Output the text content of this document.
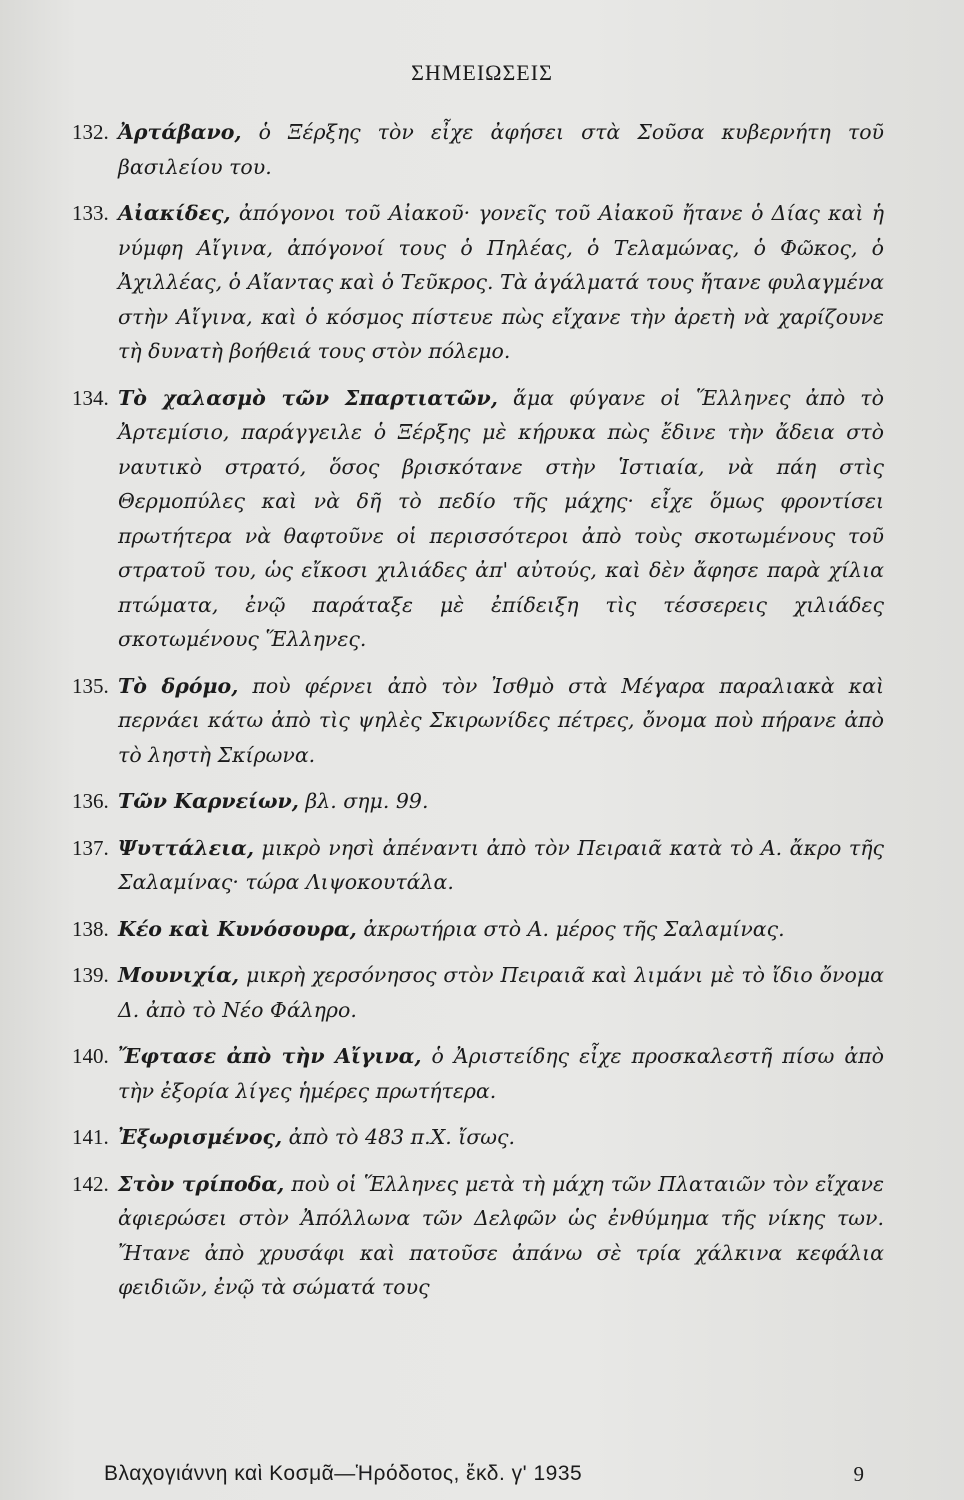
ΣΗΜΕΙΩΣΕΙΣ
132. Ἀρτάβανο, ὁ Ξέρξης τὸν εἶχε ἀφήσει στὰ Σοῦσα κυβερνήτη τοῦ βασιλείου του.
133. Αἰακίδες, ἀπόγονοι τοῦ Αἰακοῦ· γονεῖς τοῦ Αἰακοῦ ἤτανε ὁ Δίας καὶ ἡ νύμφη Αἴγινα, ἀπόγονοί τους ὁ Πηλέας, ὁ Τελαμώνας, ὁ Φῶκος, ὁ Ἀχιλλέας, ὁ Αἴαντας καὶ ὁ Τεῦκρος. Τὰ ἀγάλματά τους ἤτανε φυλαγμένα στὴν Αἴγινα, καὶ ὁ κόσμος πίστευε πὼς εἴχανε τὴν ἀρετὴ νὰ χαρίζουνε τὴ δυνατὴ βοήθειά τους στὸν πόλεμο.
134. Τὸ χαλασμὸ τῶν Σπαρτιατῶν, ἅμα φύγανε οἱ Ἕλληνες ἀπὸ τὸ Ἀρτεμίσιο, παράγγειλε ὁ Ξέρξης μὲ κήρυκα πὼς ἔδινε τὴν ἄδεια στὸ ναυτικὸ στρατό, ὅσος βρισκότανε στὴν Ἱστιαία, νὰ πάη στὶς Θερμοπύλες καὶ νὰ δῆ τὸ πεδίο τῆς μάχης· εἶχε ὅμως φροντίσει πρωτήτερα νὰ θαφτοῦνε οἱ περισσότεροι ἀπὸ τοὺς σκοτωμένους τοῦ στρατοῦ του, ὡς εἴκοσι χιλιάδες ἀπ' αὐτούς, καὶ δὲν ἄφησε παρὰ χίλια πτώματα, ἐνῷ παράταξε μὲ ἐπίδειξη τὶς τέσσερεις χιλιάδες σκοτωμένους Ἕλληνες.
135. Τὸ δρόμο, ποὺ φέρνει ἀπὸ τὸν Ἰσθμὸ στὰ Μέγαρα παραλιακὰ καὶ περνάει κάτω ἀπὸ τὶς ψηλὲς Σκιρωνίδες πέτρες, ὄνομα ποὺ πήρανε ἀπὸ τὸ ληστὴ Σκίρωνα.
136. Τῶν Καρνείων, βλ. σημ. 99.
137. Ψυττάλεια, μικρὸ νησὶ ἀπέναντι ἀπὸ τὸν Πειραιᾶ κατὰ τὸ Α. ἄκρο τῆς Σαλαμίνας· τώρα Λιψοκουτάλα.
138. Κέο καὶ Κυνόσουρα, ἀκρωτήρια στὸ Α. μέρος τῆς Σαλαμίνας.
139. Μουνιχία, μικρὴ χερσόνησος στὸν Πειραιᾶ καὶ λιμάνι μὲ τὸ ἴδιο ὄνομα Δ. ἀπὸ τὸ Νέο Φάληρο.
140. Ἔφτασε ἀπὸ τὴν Αἴγινα, ὁ Ἀριστείδης εἶχε προσκαλεστῆ πίσω ἀπὸ τὴν ἐξορία λίγες ἡμέρες πρωτήτερα.
141. Ἐξωρισμένος, ἀπὸ τὸ 483 π.Χ. ἴσως.
142. Στὸν τρίποδα, ποὺ οἱ Ἕλληνες μετὰ τὴ μάχη τῶν Πλαταιῶν τὸν εἴχανε ἀφιερώσει στὸν Ἀπόλλωνα τῶν Δελφῶν ὡς ἐνθύμημα τῆς νίκης των. Ἤτανε ἀπὸ χρυσάφι καὶ πατοῦσε ἀπάνω σὲ τρία χάλκινα κεφάλια φειδιῶν, ἐνῷ τὰ σώματά τους
Βλαχογιάννη καὶ Κοσμᾶ—Ἡρόδοτος, ἔκδ. γ' 1935	9
